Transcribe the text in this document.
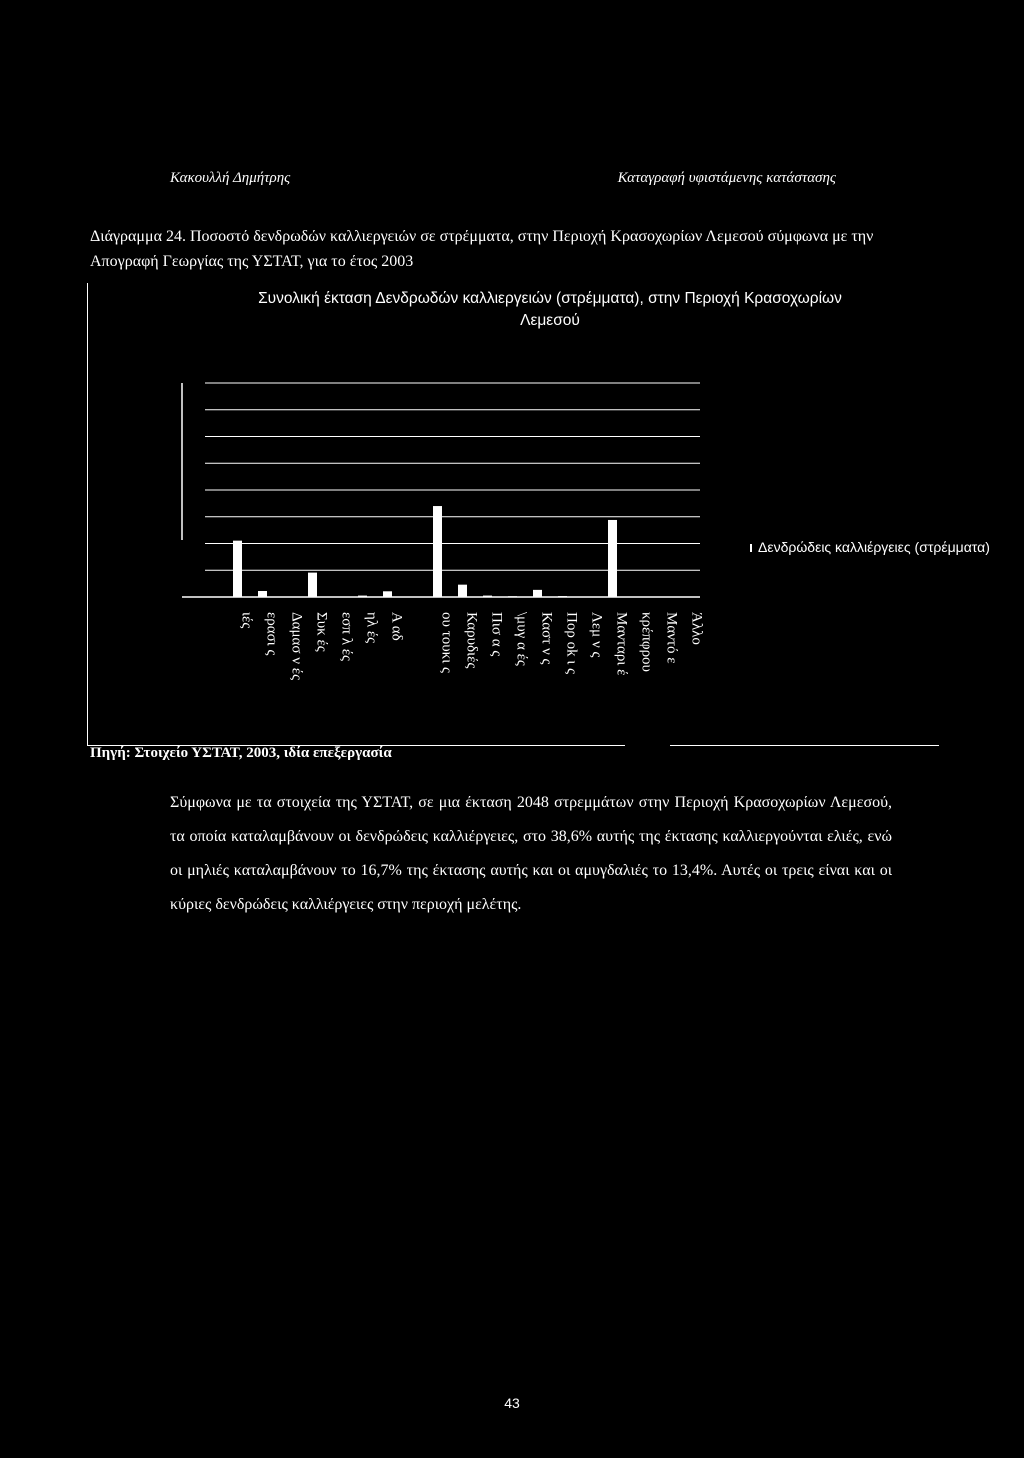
Κακουλλή Δημήτρης	Καταγραφή υφιστάμενης κατάστασης
Διάγραμμα 24. Ποσοστό δενδρωδών καλλιεργειών σε στρέμματα, στην Περιοχή Κρασοχωρίων Λεμεσού σύμφωνα με την Απογραφή Γεωργίας της ΥΣΤΑΤ, για το έτος 2003
Συνολική έκταση Δενδρωδών καλλιεργειών (στρέμματα), στην Περιοχή Κρασοχωρίων
Λεμεσού
ιές ερασι ς Δαμασ ν ές Συκ ές εσπ λ ές ηλ ές Α αδ ου τουκι ς Καρυδιές Πισ α ς \μυγ α ές Καστ ν ς Πορ ok ι ς Λεμ ν ς Μανταρι έ κρέπφρου Μαντό ε Άλλο
Δενδρώδεις καλλιέργειες (στρέμματα)
Πηγή: Στοιχείο ΥΣΤΑΤ, 2003, ιδία επεξεργασία
Σύμφωνα με τα στοιχεία της ΥΣΤΑΤ, σε μια έκταση 2048 στρεμμάτων στην Περιοχή Κρασοχωρίων Λεμεσού, τα οποία καταλαμβάνουν οι δενδρώδεις καλλιέργειες, στο 38,6% αυτής της έκτασης καλλιεργούνται ελιές, ενώ οι μηλιές καταλαμβάνουν το 16,7% της έκτασης αυτής και οι αμυγδαλιές το 13,4%. Αυτές οι τρεις είναι και οι κύριες δενδρώδεις καλλιέργειες στην περιοχή μελέτης.
43
